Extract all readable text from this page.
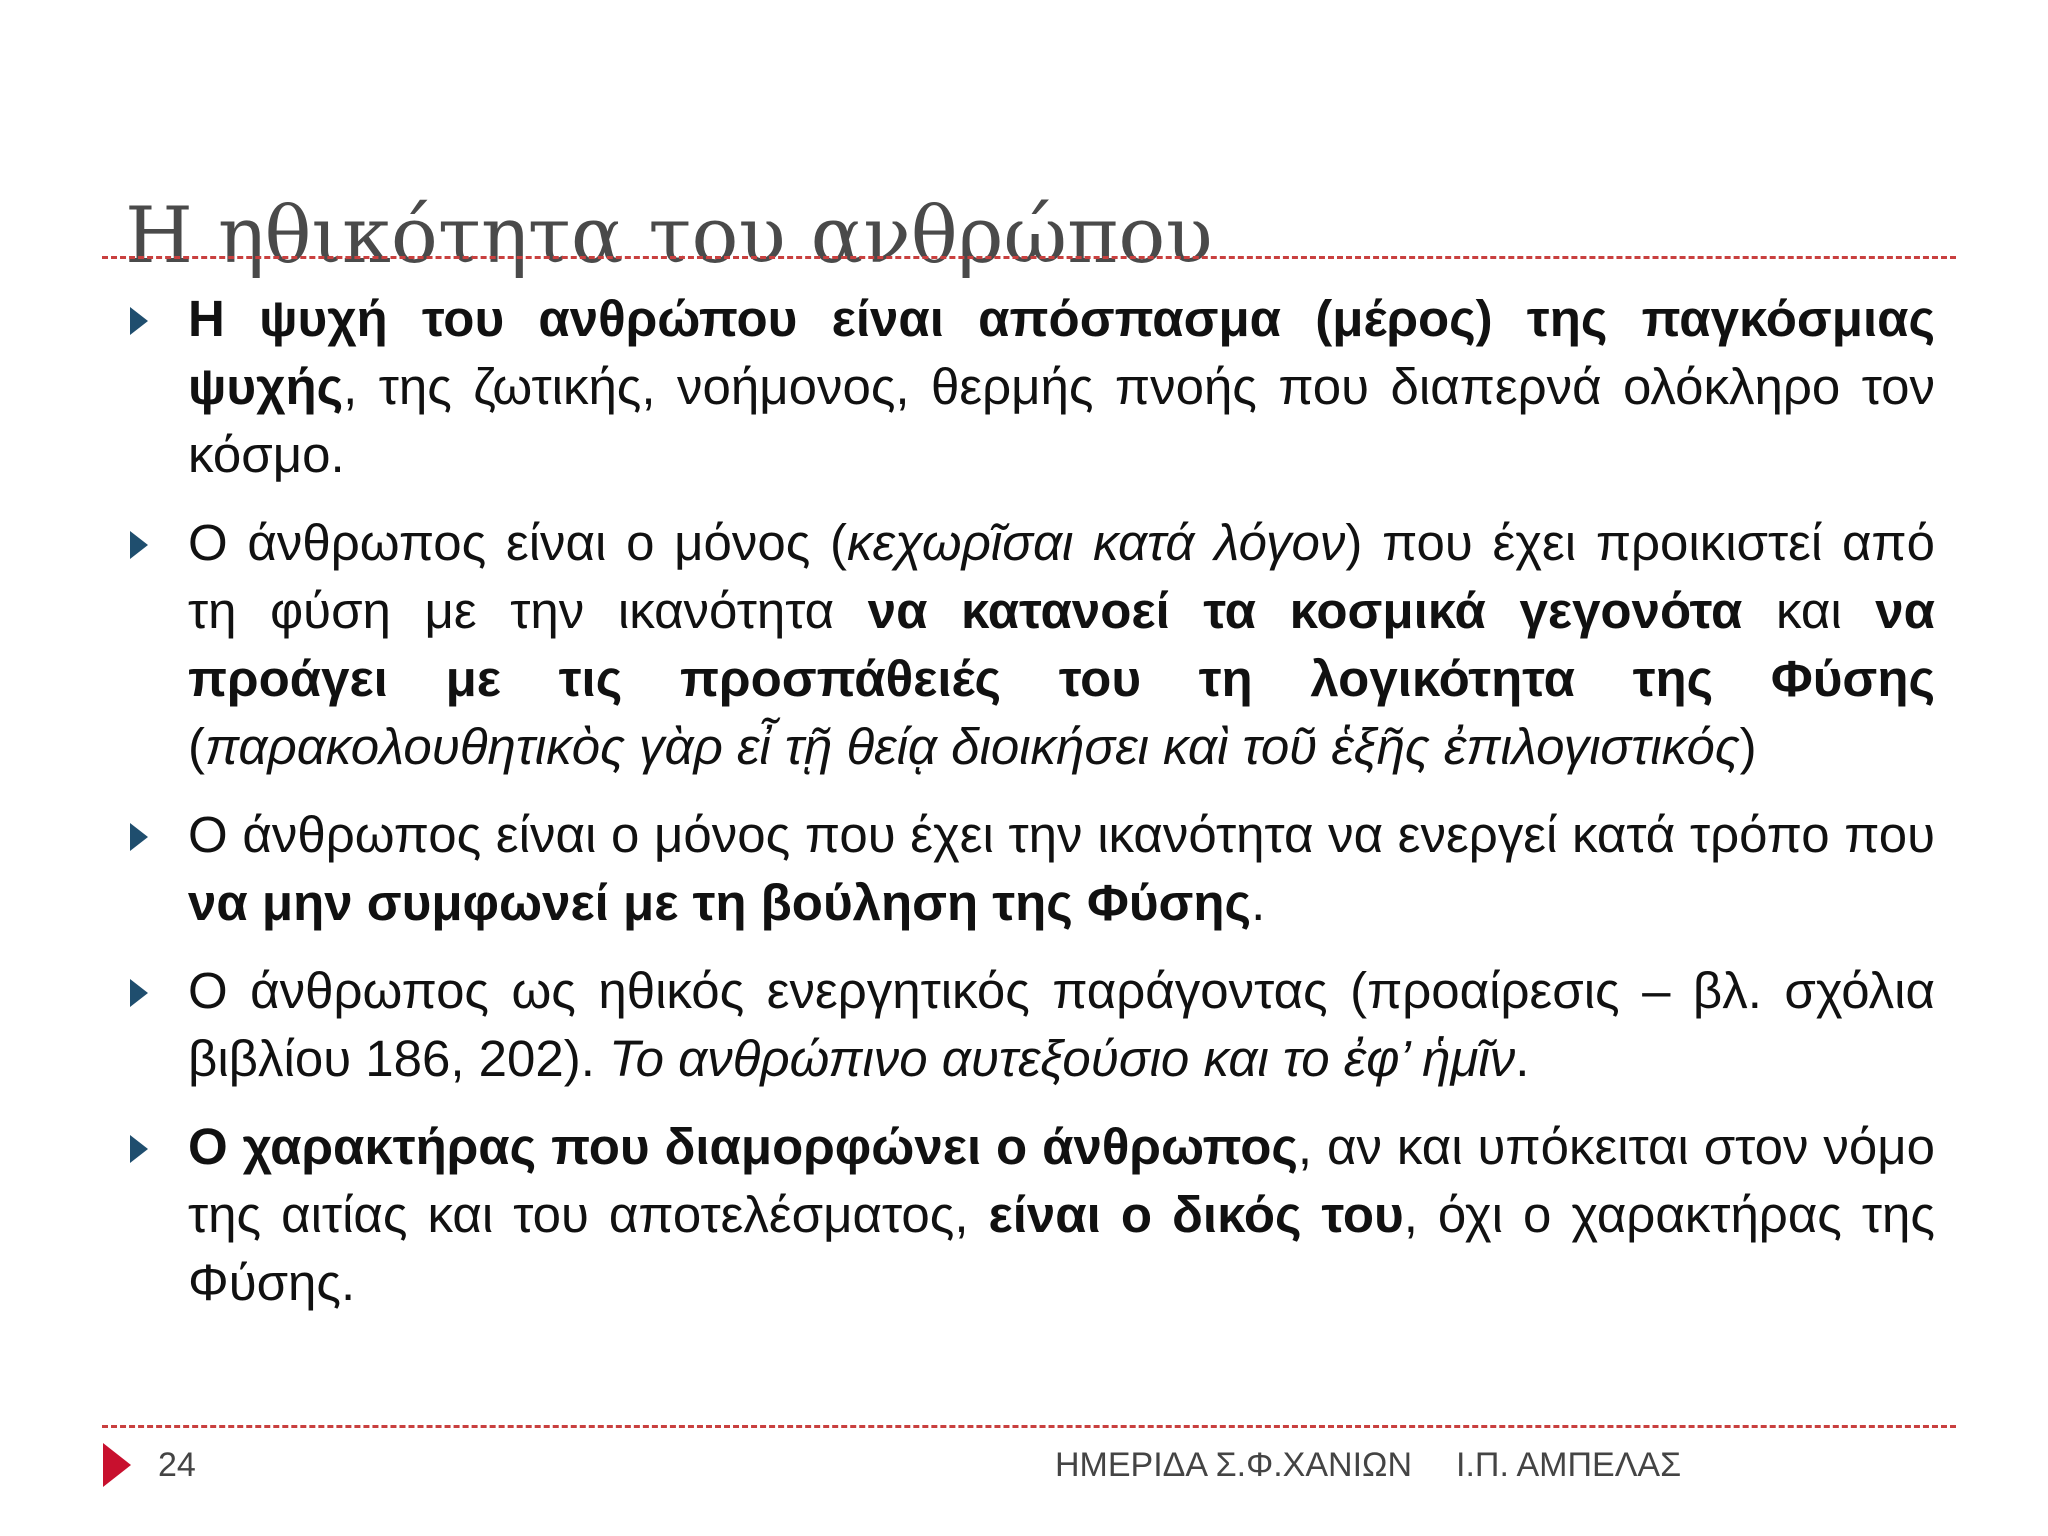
Η ηθικότητα του ανθρώπου
Η ψυχή του ανθρώπου είναι απόσπασμα (μέρος) της παγκόσμιας ψυχής, της ζωτικής, νοήμονος, θερμής πνοής που διαπερνά ολόκληρο τον κόσμο.
Ο άνθρωπος είναι ο μόνος (κεχωρῖσαι κατά λόγον) που έχει προικιστεί από τη φύση με την ικανότητα να κατανοεί τα κοσμικά γεγονότα και να προάγει με τις προσπάθειές του τη λογικότητα της Φύσης (παρακολουθητικὸς γὰρ εἶ τῇ θείᾳ διοικήσει καὶ τοῦ ἑξῆς ἐπιλογιστικός)
Ο άνθρωπος είναι ο μόνος που έχει την ικανότητα να ενεργεί κατά τρόπο που να μην συμφωνεί με τη βούληση της Φύσης.
Ο άνθρωπος ως ηθικός ενεργητικός παράγοντας (προαίρεσις – βλ. σχόλια βιβλίου 186, 202). Το ανθρώπινο αυτεξούσιο και το ἐφ’ ἡμῖν.
Ο χαρακτήρας που διαμορφώνει ο άνθρωπος, αν και υπόκειται στον νόμο της αιτίας και του αποτελέσματος, είναι ο δικός του, όχι ο χαρακτήρας της Φύσης.
24	ΗΜΕΡΙΔΑ Σ.Φ.ΧΑΝΙΩΝ Ι.Π. ΑΜΠΕΛΑΣ
